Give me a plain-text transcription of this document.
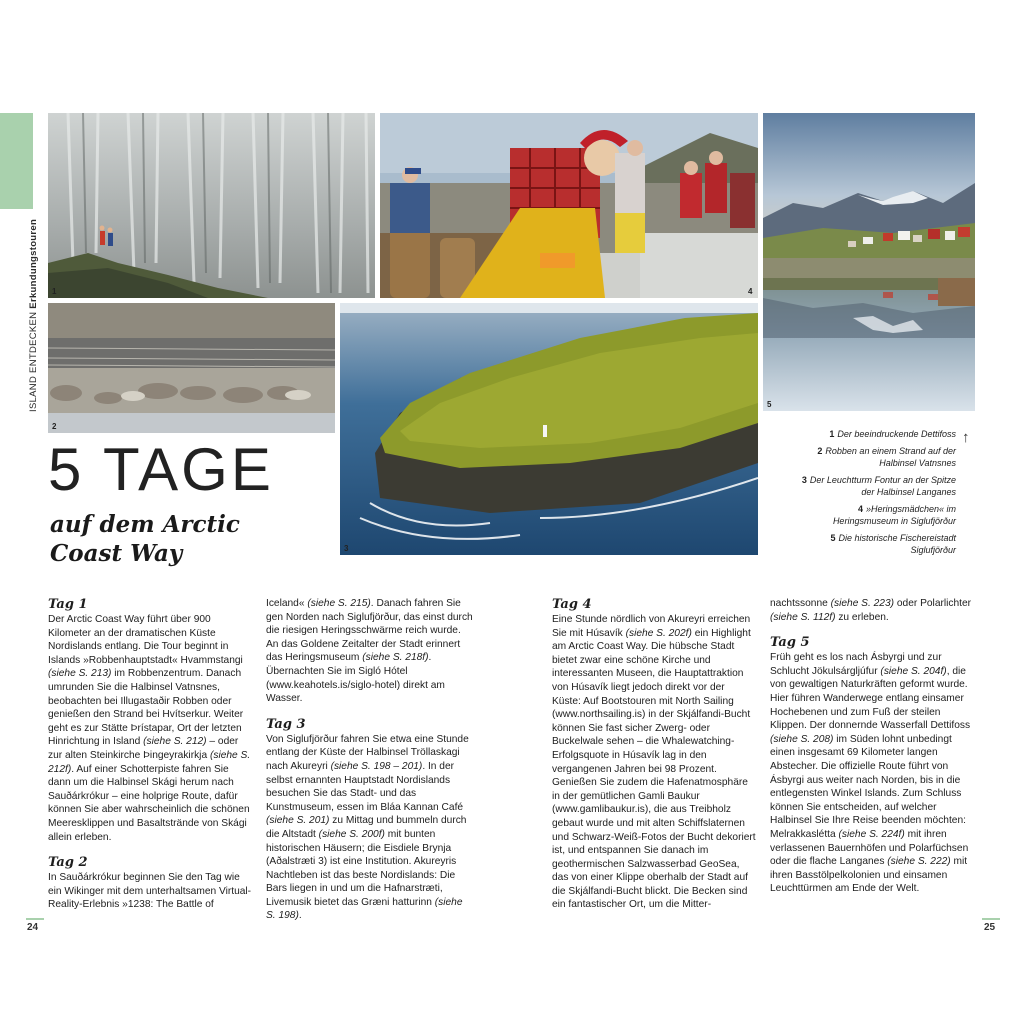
ISLAND ENTDECKEN Erkundungstouren 1	4
5
2
3
5 TAGE
auf dem Arctic
Coast Way
↑
1 Der beeindruckende Dettifoss
2 Robben an einem Strand auf der Halbinsel Vatnsnes
3 Der Leuchtturm Fontur an der Spitze der Halbinsel Langanes
4 »Heringsmädchen« im Heringsmuseum in Siglufjörður
5 Die historische Fischereistadt Siglufjörður
Tag 1

Der Arctic Coast Way führt über 900 Kilometer an der dramatischen Küste Nordislands entlang. Die Tour beginnt in Islands »Robbenhauptstadt« Hvammstangi (siehe S. 213) im Robbenzentrum. Danach umrunden Sie die Halbinsel Vatnsnes, beobachten bei Illugastaðir Robben oder genießen den Strand bei Hvítserkur. Weiter geht es zur Stätte Þrístapar, Ort der letzten Hinrichtung in Island (siehe S. 212) – oder zur alten Steinkirche Þingeyrakirkja (siehe S. 212f). Auf einer Schotterpiste fahren Sie dann um die Halbinsel Skági herum nach Sauðárkrókur – eine holprige Route, dafür können Sie aber wahrscheinlich die schönen Meeresklippen und Basaltstrände von Skági allein erleben.

Tag 2

In Sauðárkrókur beginnen Sie den Tag wie ein Wikinger mit dem unterhaltsamen Virtual-Reality-Erlebnis »1238: The Battle of

Iceland« (siehe S. 215). Danach fahren Sie gen Norden nach Siglufjörður, das einst durch die riesigen Heringsschwärme reich wurde. An das Goldene Zeitalter der Stadt erinnert das Heringsmuseum (siehe S. 218f). Übernachten Sie im Sigló Hótel (www.keahotels.is/siglo-hotel) direkt am Wasser.

Tag 3

Von Siglufjörður fahren Sie etwa eine Stunde entlang der Küste der Halbinsel Tröllaskagi nach Akureyri (siehe S. 198 – 201). In der selbst ernannten Hauptstadt Nordislands besuchen Sie das Stadt- und das Kunstmuseum, essen im Bláa Kannan Café (siehe S. 201) zu Mittag und bummeln durch die Altstadt (siehe S. 200f) mit bunten historischen Häusern; die Eisdiele Brynja (Aðalstræti 3) ist eine Institution. Akureyris Nachtleben ist das beste Nordislands: Die Bars liegen in und um die Hafnarstræti, Livemusik bietet das Græni hatturinn (siehe S. 198).

Tag 4

Eine Stunde nördlich von Akureyri erreichen Sie mit Húsavík (siehe S. 202f) ein Highlight am Arctic Coast Way. Die hübsche Stadt bietet zwar eine schöne Kirche und interessanten Museen, die Hauptattraktion von Húsavík liegt jedoch direkt vor der Küste: Auf Bootstouren mit North Sailing (www.northsailing.is) in der Skjálfandi-Bucht können Sie fast sicher Zwerg- oder Buckelwale sehen – die Whalewatching-Erfolgsquote in Húsavík lag in den vergangenen Jahren bei 98 Prozent. Genießen Sie zudem die Hafenatmosphäre in der gemütlichen Gamli Baukur (www.gamlibaukur.is), die aus Treibholz gebaut wurde und mit alten Schiffslaternen und Schwarz-Weiß-Fotos der Bucht dekoriert ist, und entspannen Sie danach im geothermischen Salzwasserbad GeoSea, das von einer Klippe oberhalb der Stadt auf die Skjálfandi-Bucht blickt. Die Becken sind ein fantastischer Ort, um die Mitter-

nachtssonne (siehe S. 223) oder Polarlichter (siehe S. 112f) zu erleben.

Tag 5

Früh geht es los nach Ásbyrgi und zur Schlucht Jökulsárgljúfur (siehe S. 204f), die von gewaltigen Naturkräften geformt wurde. Hier führen Wanderwege entlang einsamer Hochebenen und zum Fuß der steilen Klippen. Der donnernde Wasserfall Dettifoss (siehe S. 208) im Süden lohnt unbedingt einen insgesamt 69 Kilometer langen Abstecher. Die offizielle Route führt von Ásbyrgi aus weiter nach Norden, bis in die entlegensten Winkel Islands. Zum Schluss können Sie entscheiden, auf welcher Halbinsel Sie Ihre Reise beenden möchten: Melrakkaslétta (siehe S. 224f) mit ihren verlassenen Bauernhöfen und Polarfüchsen oder die flache Langanes (siehe S. 222) mit ihren Basstölpelkolonien und einsamen Leuchttürmen am Ende der Welt.

24	25
